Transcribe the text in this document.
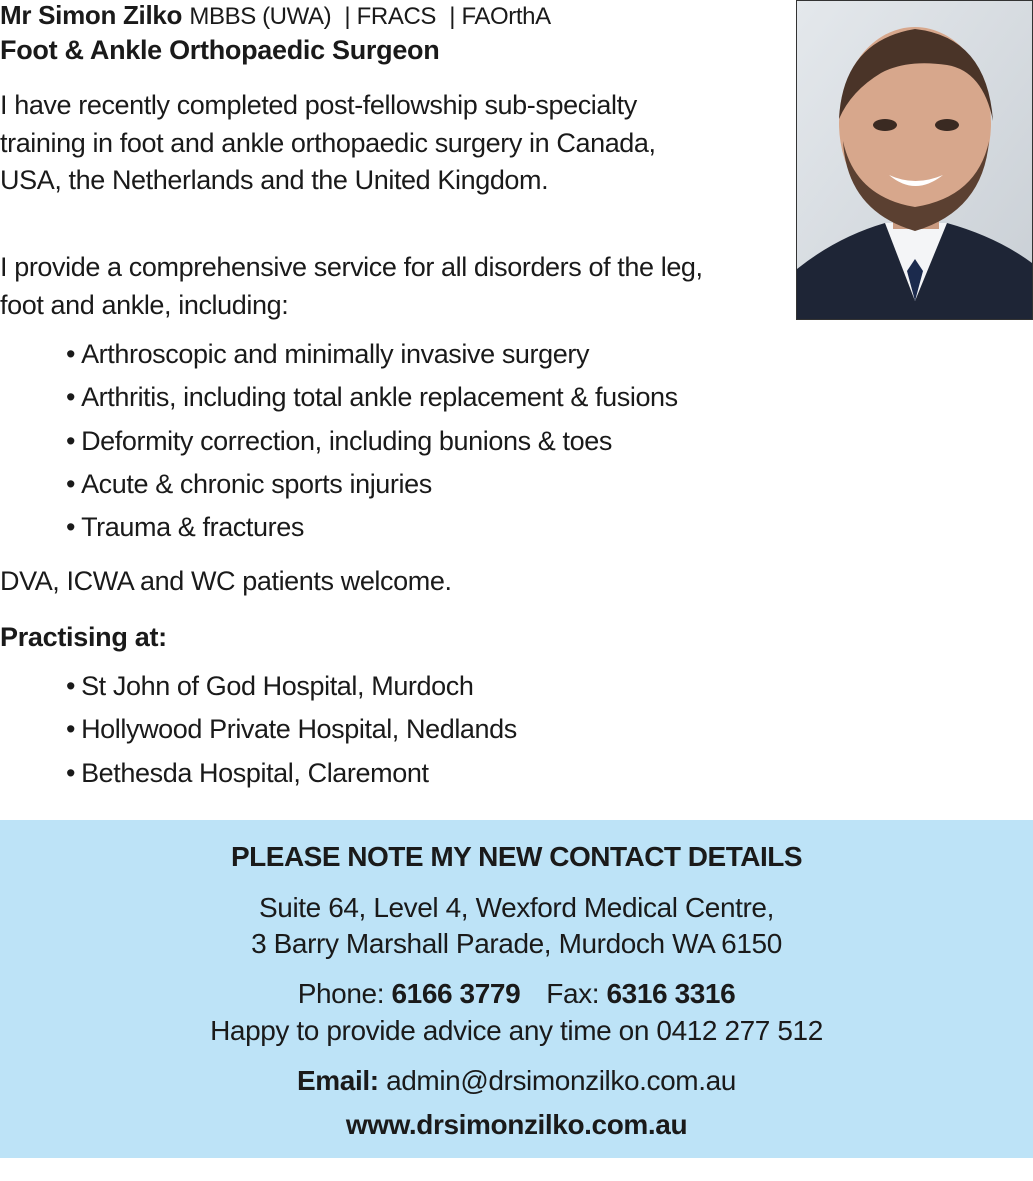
Mr Simon Zilko MBBS (UWA) | FRACS | FAOrthA
Foot & Ankle Orthopaedic Surgeon

I have recently completed post-fellowship sub-specialty training in foot and ankle orthopaedic surgery in Canada, USA, the Netherlands and the United Kingdom.

I provide a comprehensive service for all disorders of the leg, foot and ankle, including:

• Arthroscopic and minimally invasive surgery
• Arthritis, including total ankle replacement & fusions
• Deformity correction, including bunions & toes
• Acute & chronic sports injuries
• Trauma & fractures
DVA, ICWA and WC patients welcome.
Practising at:
• St John of God Hospital, Murdoch
• Hollywood Private Hospital, Nedlands
• Bethesda Hospital, Claremont
PLEASE NOTE MY NEW CONTACT DETAILS
Suite 64, Level 4, Wexford Medical Centre,
3 Barry Marshall Parade, Murdoch WA 6150
Phone: 6166 3779 Fax: 6316 3316
Happy to provide advice any time on 0412 277 512
Email: admin@drsimonzilko.com.au
www.drsimonzilko.com.au
